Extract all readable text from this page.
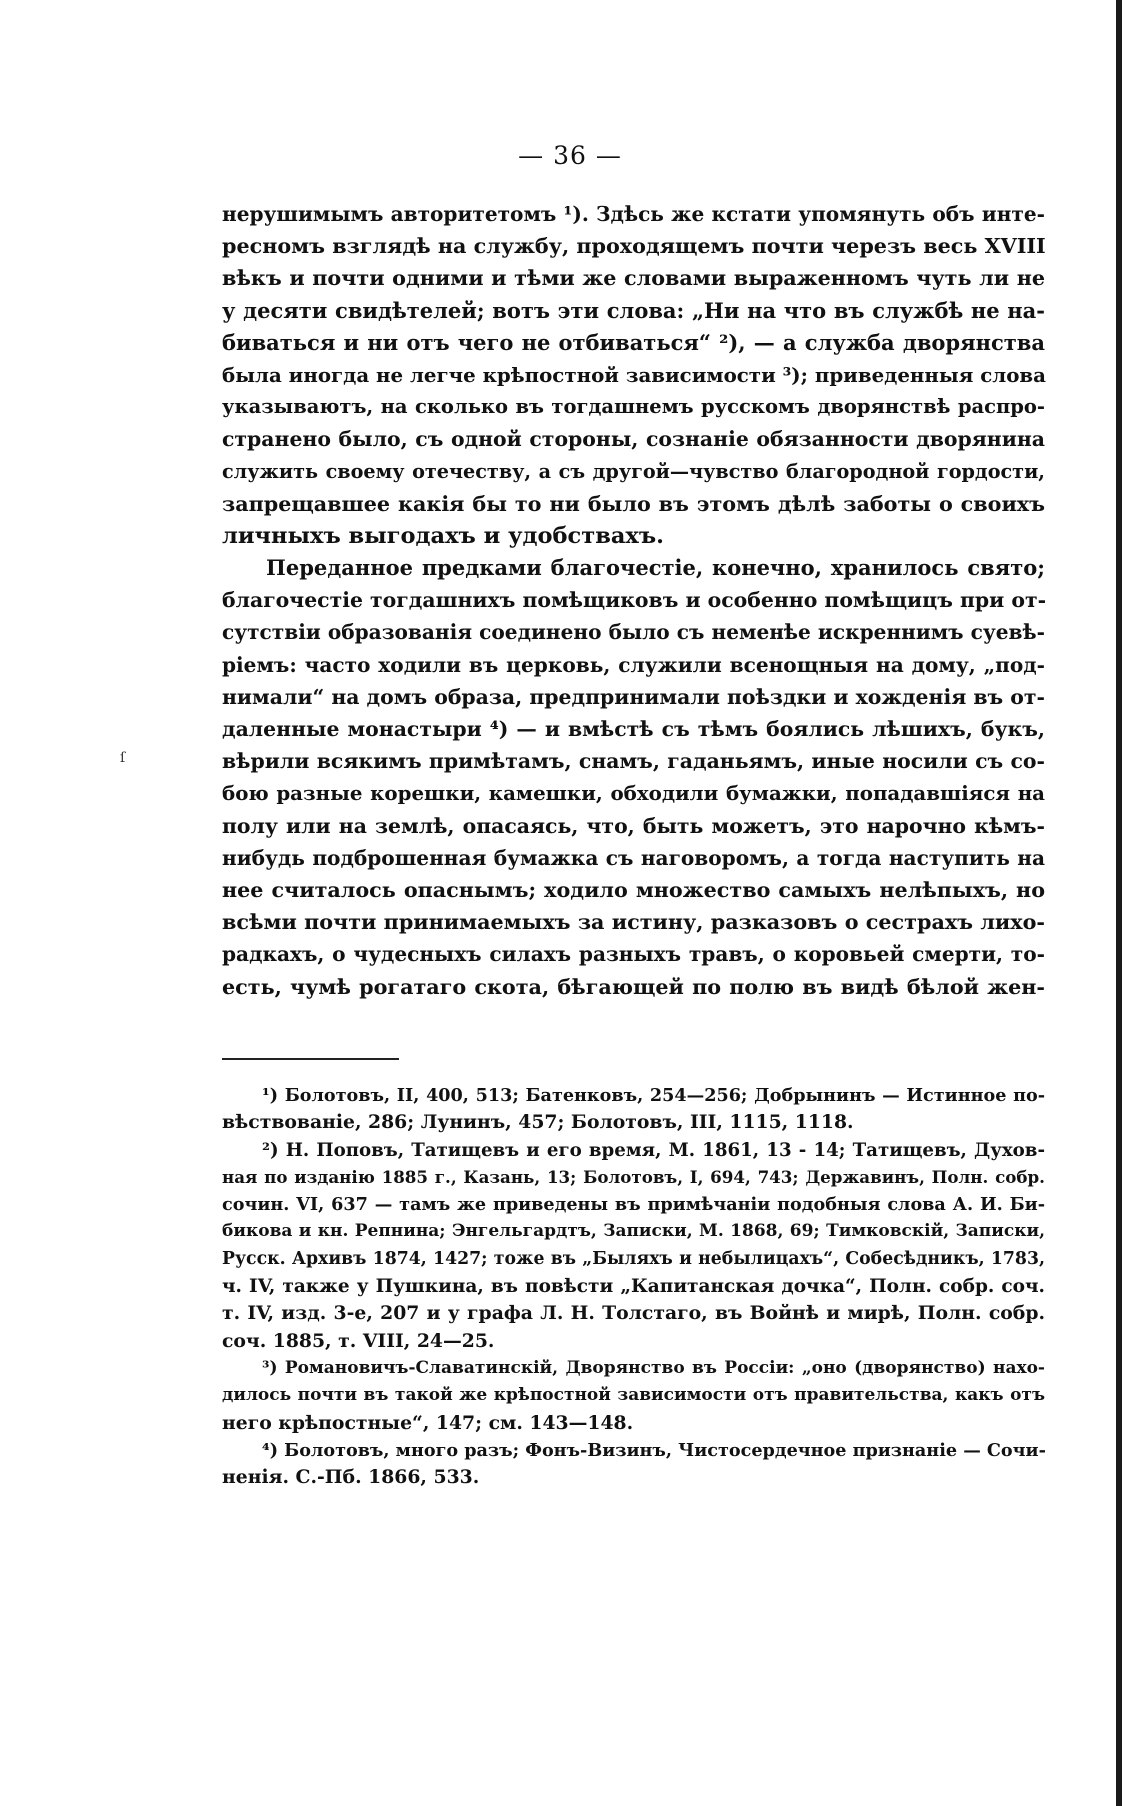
ſ
— 36 —
нерушимымъ авторитетомъ ¹). Здѣсь же кстати упомянуть объ инте-
ресномъ взглядѣ на службу, проходящемъ почти черезъ весь XVIII
вѣкъ и почти одними и тѣми же словами выраженномъ чуть ли не
у десяти свидѣтелей; вотъ эти слова: „Ни на что въ службѣ не на-
биваться и ни отъ чего не отбиваться“ ²), — а служба дворянства
была иногда не легче крѣпостной зависимости ³); приведенныя слова
указываютъ, на сколько въ тогдашнемъ русскомъ дворянствѣ распро-
странено было, съ одной стороны, сознаніе обязанности дворянина
служить своему отечеству, а съ другой—чувство благородной гордости,
запрещавшее какія бы то ни было въ этомъ дѣлѣ заботы о своихъ
личныхъ выгодахъ и удобствахъ.
Переданное предками благочестіе, конечно, хранилось свято;
благочестіе тогдашнихъ помѣщиковъ и особенно помѣщицъ при от-
сутствіи образованія соединено было съ неменѣе искреннимъ суевѣ-
ріемъ: часто ходили въ церковь, служили всенощныя на дому, „под-
нимали“ на домъ образа, предпринимали поѣздки и хожденія въ от-
даленные монастыри ⁴) — и вмѣстѣ съ тѣмъ боялись лѣшихъ, букъ,
вѣрили всякимъ примѣтамъ, снамъ, гаданьямъ, иные носили съ со-
бою разные корешки, камешки, обходили бумажки, попадавшіяся на
полу или на землѣ, опасаясь, что, быть можетъ, это нарочно кѣмъ-
нибудь подброшенная бумажка съ наговоромъ, а тогда наступить на
нее считалось опаснымъ; ходило множество самыхъ нелѣпыхъ, но
всѣми почти принимаемыхъ за истину, разказовъ о сестрахъ лихо-
радкахъ, о чудесныхъ силахъ разныхъ травъ, о коровьей смерти, то-
есть, чумѣ рогатаго скота, бѣгающей по полю въ видѣ бѣлой жен-
¹) Болотовъ, II, 400, 513; Батенковъ, 254—256; Добрынинъ — Истинное по-
вѣствованіе, 286; Лунинъ, 457; Болотовъ, III, 1115, 1118.
²) Н. Поповъ, Татищевъ и его время, М. 1861, 13 - 14; Татищевъ, Духов-
ная по изданію 1885 г., Казань, 13; Болотовъ, I, 694, 743; Державинъ, Полн. собр.
сочин. VI, 637 — тамъ же приведены въ примѣчаніи подобныя слова А. И. Би-
бикова и кн. Репнина; Энгельгардтъ, Записки, М. 1868, 69; Тимковскій, Записки,
Русск. Архивъ 1874, 1427; тоже въ „Быляхъ и небылицахъ“, Собесѣдникъ, 1783,
ч. IV, также у Пушкина, въ повѣсти „Капитанская дочка“, Полн. собр. соч.
т. IV, изд. 3-е, 207 и у графа Л. Н. Толстаго, въ Войнѣ и мирѣ, Полн. собр.
соч. 1885, т. VIII, 24—25.
³) Романовичъ-Славатинскій, Дворянство въ Россіи: „оно (дворянство) нахо-
дилось почти въ такой же крѣпостной зависимости отъ правительства, какъ отъ
него крѣпостные“, 147; см. 143—148.
⁴) Болотовъ, много разъ; Фонъ-Визинъ, Чистосердечное признаніе — Сочи-
ненія. С.-Пб. 1866, 533.
